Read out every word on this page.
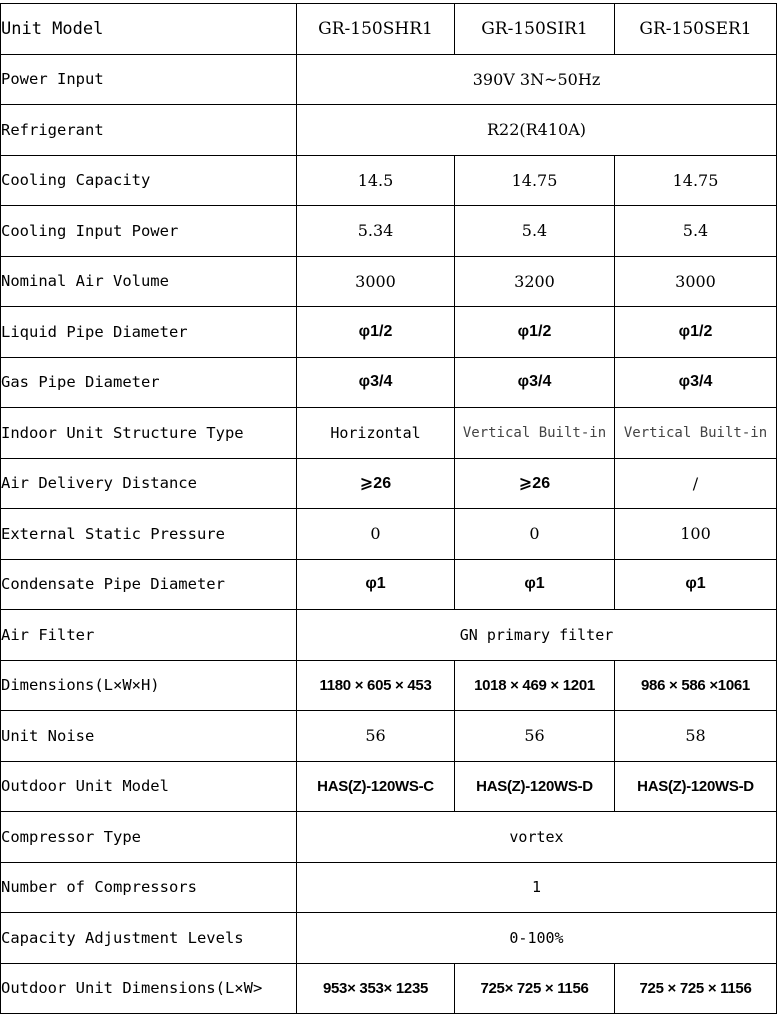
Unit Model	GR-150SHR1	GR-150SIR1	GR-150SER1
Power Input	390V 3N~50Hz		
Refrigerant	R22(R410A)		
Cooling Capacity	14.5	14.75	14.75
Cooling Input Power	5.34	5.4	5.4
Nominal Air Volume	3000	3200	3000
Liquid Pipe Diameter	φ1/2	φ1/2	φ1/2
Gas Pipe Diameter	φ3/4	φ3/4	φ3/4
Indoor Unit Structure Type	Horizontal	Vertical Built-in	Vertical Built-in
Air Delivery Distance	⩾26	⩾26	/
External Static Pressure	0	0	100
Condensate Pipe Diameter	φ1	φ1	φ1
Air Filter	GN primary filter		
Dimensions(L×W×H)	1180 × 605 × 453	1018 × 469 × 1201	986 × 586 ×1061
Unit Noise	56	56	58
Outdoor Unit Model	HAS(Z)-120WS-C	HAS(Z)-120WS-D	HAS(Z)-120WS-D
Compressor Type	vortex		
Number of Compressors	1		
Capacity Adjustment Levels	0-100%		
Outdoor Unit Dimensions(L×W>	953× 353× 1235	725× 725 × 1156	725 × 725 × 1156
